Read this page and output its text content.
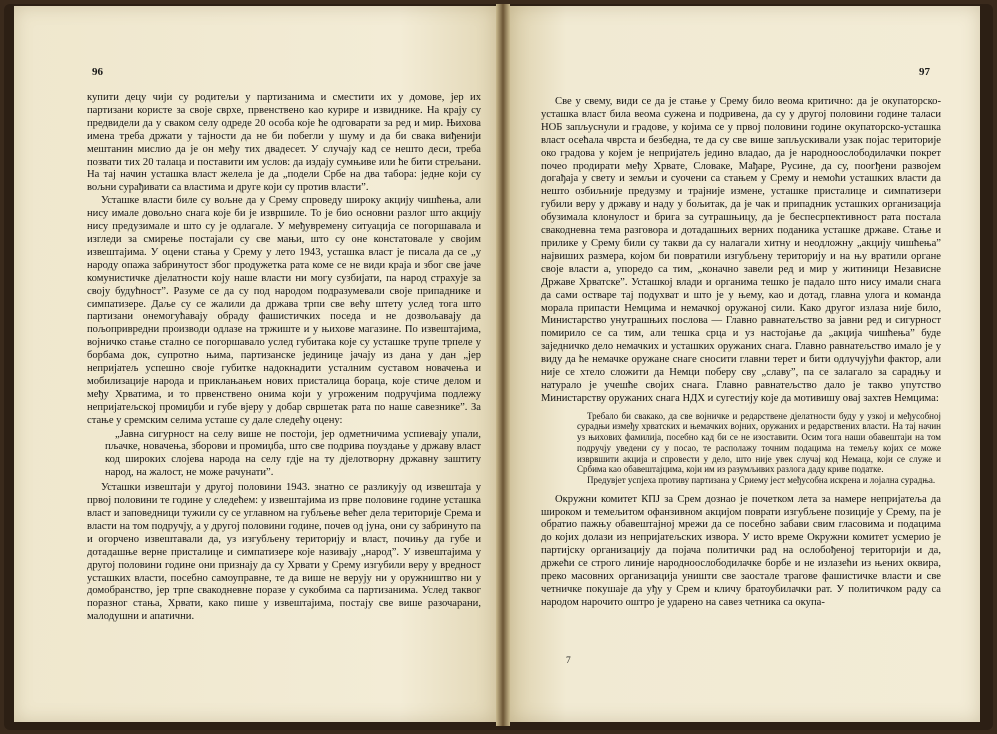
96

купити децу чији су родитељи у партизанима и сместити их у домове, јер их партизани користе за своје сврхе, првенствено као курире и извиднике. На крају су предвидели да у сваком селу одреде 20 особа које ће одговарати за ред и мир. Њихова имена треба држати у тајности да не би побегли у шуму и да би свака виђенији мештанин мислио да је он међу тих двадесет. У случају кад се нешто деси, треба позвати тих 20 талаца и поставити им услов: да издају сумњиве или ће бити стрељани. На тај начин усташка власт желела је да „подели Србе на два табора: једне који су вољни сурађивати са властима и друге који су против власти”.

Усташке власти биле су вољне да у Срему спроведу широку акцију чишћења, али нису имале довољно снага које би је извршиле. То је био основни разлог што акцију нису предузимале и што су је одлагале. У међувремену ситуација се погоршавала и изгледи за смирење постајали су све мањи, што су оне констатовале у својим извештајима. У оцени стања у Срему у лето 1943, усташка власт је писала да се „у народу опажа забринутост због продужетка рата коме се не види краја и због све јаче комунистичке дјелатности коју наше власти ни могу сузбијати, па народ страхује за своју будућност”. Разуме се да су под народом подразумевали своје припаднике и симпатизере. Даље су се жалили да држава трпи све већу штету услед тога што партизани онемогућавају обраду фашистичких поседа и не дозвољавају да пољопривредни производи одлазе на тржиште и у њихове магазине. По извештајима, војничко стање стално се погоршавало услед губитака које су усташке трупе трпеле у борбама док, супротно њима, партизанске јединице јачају из дана у дан „јер непријатељ успешно своје губитке надокнадити усталним суставом новачења и мобилизације народа и приклањањем нових присталица бораца, које стиче делом и међу Хрватима, и то првенствено онима који у угроженим подручјима подлежу непријатељској промиџби и губе вјеру у добар свршетак рата по наше савезнике”. За стање у сремским селима усташе су дале следећу оцену:

„Јавна сигурност на селу више не постоји, јер одметничима успиевају упали, пљачке, новачења, зборови и промиџба, што све подрива поуздање у државу власт код широких слојева народа на селу гдје на ту дјелотворну државну заштиту народ, на жалост, не може рачунати”.

Усташки извештаји у другој половини 1943. знатно се разликују од извештаја у првој половини те године у следећем: у извештајима из прве половине године усташка власт и заповедници тужили су се углавном на губљење већег дела територије Срема и власти на том подручју, а у другој половини године, почев од јуна, они су забринуто па и огорчено извештавали да, уз изгубљену територију и власт, почињу да губе и дотадашње верне присталице и симпатизере које називају „народ”. У извештајима у другој половини године они признају да су Хрвати у Срему изгубили веру у вредност усташких власти, посебно самоуправне, те да више не верују ни у оружништво ни у домобранство, јер трпе свакодневне поразе у сукобима са партизанима. Услед таквог поразног стања, Хрвати, како пише у извештајима, постају све више разочарани, малодушни и апатични.

97

Све у свему, види се да је стање у Срему било веома критично: да је окупаторско-усташка власт била веома сужена и подривена, да су у другој половини године таласи НОБ запљуснули и градове, у којима се у првој половини године окупаторско-усташка власт осећала чврста и безбедна, те да су све више запљускивали узак појас територије око градова у којем је непријатељ једино владао, да је народноослободилачки покрет почео продирати међу Хрвате, Словаке, Мађаре, Русине, да су, поогђени развојем догађаја у свету и земљи и суочени са стањем у Срему и немоћи усташких власти да нешто озбиљније предузму и трајније измене, усташке присталице и симпатизери губили веру у државу и наду у бољитак, да је чак и припадник усташких организација обузимала клонулост и брига за сутрашњицу, да је беспесрпективност рата постала свакодневна тема разговора и дотадашњих верних поданика усташке државе. Стање и прилике у Срему били су такви да су налагали хитну и неодложну „акцију чишћења” највиших размера, којом би повратили изгубљену територију и на њу вратили органе своје власти а, упоредо са тим, „коначно завели ред и мир у житиници Независне Државе Хрватске”. Усташкој влади и органима тешко је падало што нису имали снага да сами остваре тај подухват и што је у њему, као и дотад, главна улога и команда морала припасти Немцима и немачкој оружаној сили. Како другог излаза није било, Министарство унутрашњих послова — Главно равнатељство за јавни ред и сигурност помирило се са тим, али тешка срца и уз настојање да „акција чишћења” буде заједничко дело немачких и усташких оружаних снага. Главно равнатељство имало је у виду да ће немачке оружане снаге сносити главни терет и бити одлучујући фактор, али није се хтело сложити да Немци поберу сву „славу”, па се залагало за сарадњу и натурало је учешће својих снага. Главно равнатељство дало је такво упутство Министарству оружаних снага НДХ и сугестију које да мотивишу овај захтев Немцима:

Требало би свакако, да све војничке и редарствене дјелатности буду у узкој и међусобној сурадњи између хрватских и њемачких војних, оружаних и редарствених власти. На тај начин уз њихових фамилија, посебно кад би се не изоставити. Осим тога наши обавештаји на том подручју уведени су у посао, те располажу точним подацима на темељу којих се може изврвшити акција и спровести у дело, што није увек случај код Немаца, који се служе и Србима као обавештајцима, који им из разумљивих разлога даду криве податке.

Предувјет успјеха противу партизана у Сриему јест међусобна искрена и лојална сурадња.

Окружни комитет КПЈ за Срем дознао је почетком лета за намере непријатеља да широком и темељитом офанзивном акцијом поврати изгубљене позиције у Срему, па је обратио пажњу обавештајној мрежи да се посебно забави свим гласовима и подацима до којих долази из непријатељских извора. У исто време Окружни комитет усмерио је партијску организацију да појача политички рад на ослобођеној територији и да, држећи се строго линије народноослободилачке борбе и не излазећи из њених оквира, преко масовних организација уништи све заостале трагове фашистичке власти и све четничке покушаје да уђу у Срем и кличу братоубилачки рат. У политичком раду са народом нарочито оштро је ударено на савез четника са окупа-

7
